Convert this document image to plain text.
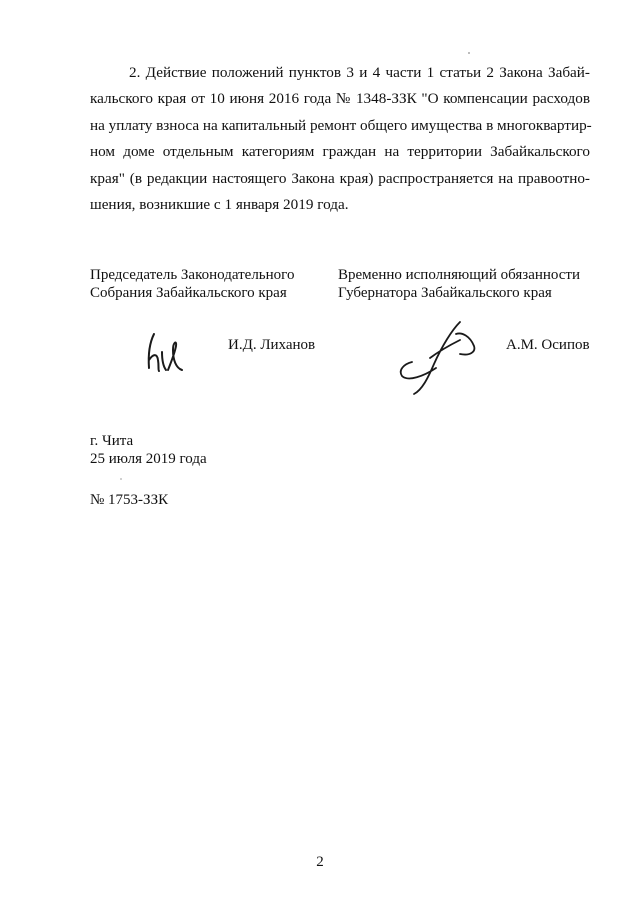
2. Действие положений пунктов 3 и 4 части 1 статьи 2 Закона Забай-
кальского края от 10 июня 2016 года № 1348-ЗЗК "О компенсации расходов
на уплату взноса на капитальный ремонт общего имущества в многоквартир-
ном доме отдельным категориям граждан на территории Забайкальского
края" (в редакции настоящего Закона края) распространяется на правоотно-
шения, возникшие с 1 января 2019 года.
Председатель Законодательного
Собрания Забайкальского края
Временно исполняющий обязанности
Губернатора Забайкальского края
И.Д. Лиханов	А.М. Осипов
г. Чита
25 июля 2019 года
№ 1753-ЗЗК
2
